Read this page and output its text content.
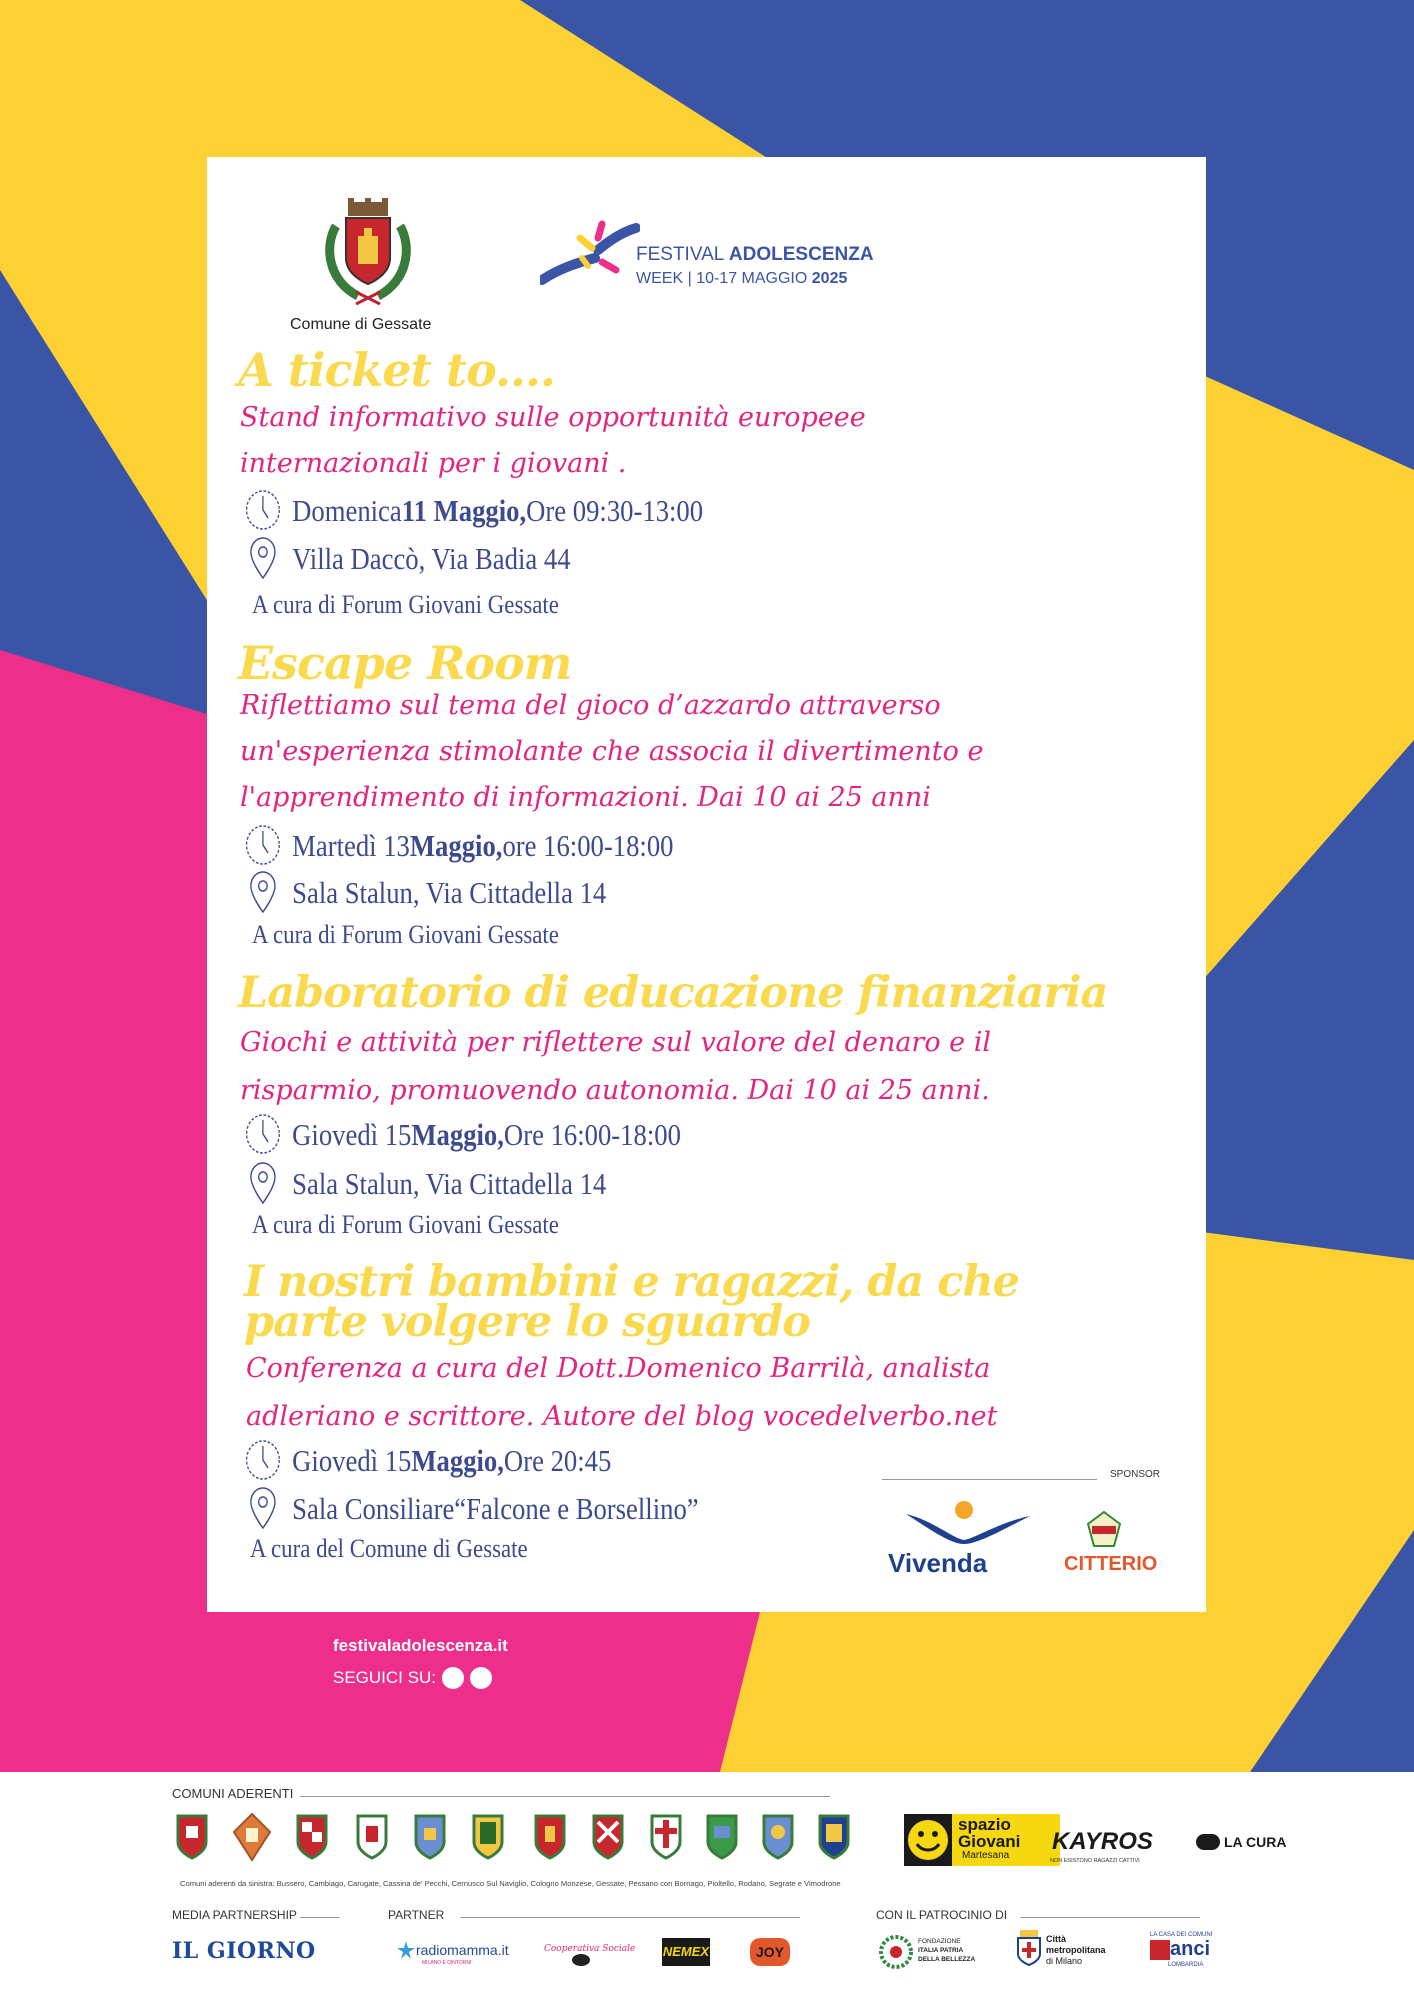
Comune di Gessate
FESTIVAL ADOLESCENZA
WEEK | 10-17 MAGGIO 2025
A ticket to....
Stand informativo sulle opportunità europeee
internazionali per i giovani .
Domenica 11 Maggio, Ore 09:30-13:00
Villa Daccò, Via Badia 44
A cura di Forum Giovani Gessate
Escape Room
Riflettiamo sul tema del gioco d’azzardo attraverso
un'esperienza stimolante che associa il divertimento e
l'apprendimento di informazioni. Dai 10 ai 25 anni
Martedì 13 Maggio, ore 16:00-18:00
Sala Stalun, Via Cittadella 14
A cura di Forum Giovani Gessate
Laboratorio di educazione finanziaria
Giochi e attività per riflettere sul valore del denaro e il
risparmio, promuovendo autonomia. Dai 10 ai 25 anni.
Giovedì 15 Maggio, Ore 16:00-18:00
Sala Stalun, Via Cittadella 14
A cura di Forum Giovani Gessate
I nostri bambini e ragazzi, da che parte volgere lo sguardo
Conferenza a cura del Dott.Domenico Barrilà, analista
adleriano e scrittore. Autore del blog vocedelverbo.net
Giovedì 15 Maggio, Ore 20:45
Sala Consiliare“Falcone e Borsellino”
A cura del Comune di Gessate
SPONSOR
Vivenda	CITTERIO
festivaladolescenza.it
SEGUICI SU:
COMUNI ADERENTI
Comuni aderenti da sinistra: Bussero, Cambiago, Carugate, Cassina de' Pecchi, Cernusco Sul Naviglio, Cologno Monzese, Gessate, Pessano con Bornago, Pioltello, Rodano, Segrate e Vimodrone
spazio
Giovani
Martesana
KAYROS
NON ESISTONO RAGAZZI CATTIVI
LA CURA
MEDIA PARTNERSHIP	PARTNER	CON IL PATROCINIO DI
IL GIORNO	radiomamma.it
MILANO E DINTORNI
Cooperativa Sociale NEMEX	JOY
FONDAZIONE
ITALIA PATRIA
DELLA BELLEZZA
Città
metropolitana
di Milano
LA CASA DEI COMUNI
anci
LOMBARDIA
